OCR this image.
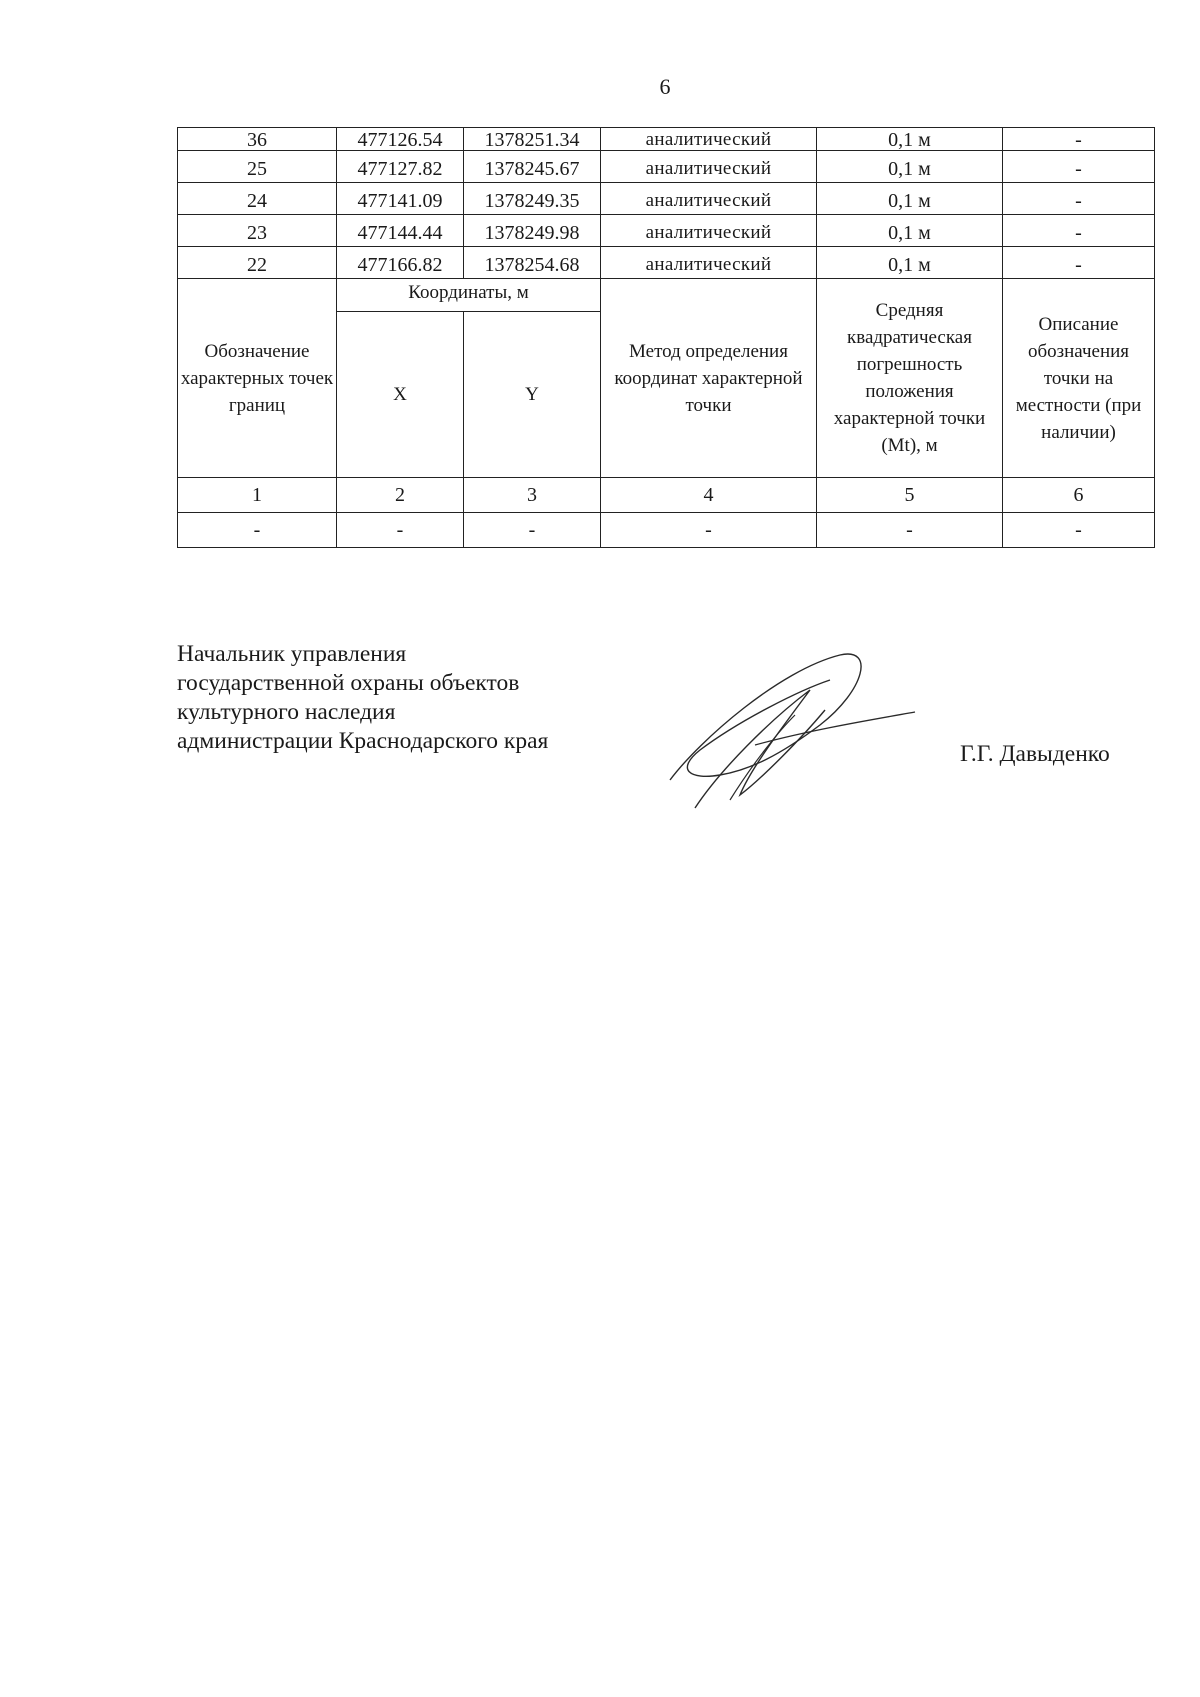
6
36	477126.54	1378251.34	аналитический	0,1 м	-
25	477127.82	1378245.67	аналитический	0,1 м	-
24	477141.09	1378249.35	аналитический	0,1 м	-
23	477144.44	1378249.98	аналитический	0,1 м	-
22	477166.82	1378254.68	аналитический	0,1 м	-
Обозначение характерных точек границ	Координаты, м		Метод определения координат характерной точки	Средняя квадратическая погрешность положения характерной точки (Mt), м	Описание обозначения точки на местности (при наличии)
	X	Y			
1	2	3	4	5	6
-	-	-	-	-	-
Начальник управления
государственной охраны объектов
культурного наследия
администрации Краснодарского края	Г.Г. Давыденко
